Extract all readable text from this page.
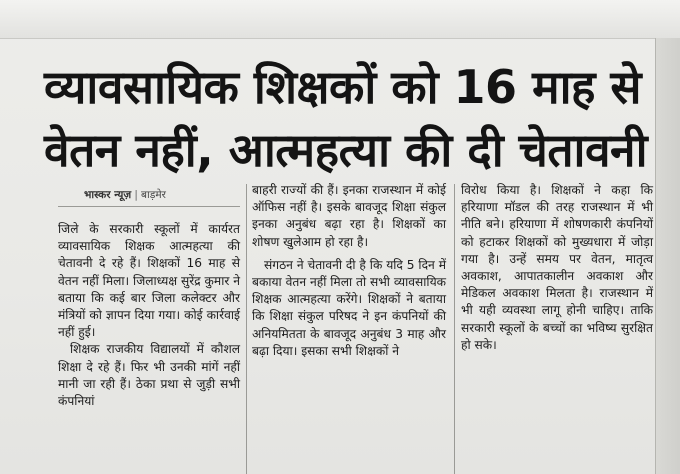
व्यावसायिक शिक्षकों को 16 माह से
वेतन नहीं, आत्महत्या की दी चेतावनी
भास्कर न्यूज़ | बाड़मेर

जिले के सरकारी स्कूलों में कार्यरत व्यावसायिक शिक्षक आत्महत्या की चेतावनी दे रहे हैं। शिक्षकों 16 माह से वेतन नहीं मिला। जिलाध्यक्ष सुरेंद्र कुमार ने बताया कि कई बार जिला कलेक्टर और मंत्रियों को ज्ञापन दिया गया। कोई कार्रवाई नहीं हुई।

शिक्षक राजकीय विद्यालयों में कौशल शिक्षा दे रहे हैं। फिर भी उनकी मांगें नहीं मानी जा रही हैं। ठेका प्रथा से जुड़ी सभी कंपनियां

बाहरी राज्यों की हैं। इनका राजस्थान में कोई ऑफिस नहीं है। इसके बावजूद शिक्षा संकुल इनका अनुबंध बढ़ा रहा है। शिक्षकों का शोषण खुलेआम हो रहा है।

संगठन ने चेतावनी दी है कि यदि 5 दिन में बकाया वेतन नहीं मिला तो सभी व्यावसायिक शिक्षक आत्महत्या करेंगे। शिक्षकों ने बताया कि शिक्षा संकुल परिषद ने इन कंपनियों की अनियमितता के बावजूद अनुबंध 3 माह और बढ़ा दिया। इसका सभी शिक्षकों ने

विरोध किया है। शिक्षकों ने कहा कि हरियाणा मॉडल की तरह राजस्थान में भी नीति बने। हरियाणा में शोषणकारी कंपनियों को हटाकर शिक्षकों को मुख्यधारा में जोड़ा गया है। उन्हें समय पर वेतन, मातृत्व अवकाश, आपातकालीन अवकाश और मेडिकल अवकाश मिलता है। राजस्थान में भी यही व्यवस्था लागू होनी चाहिए। ताकि सरकारी स्कूलों के बच्चों का भविष्य सुरक्षित हो सके।
